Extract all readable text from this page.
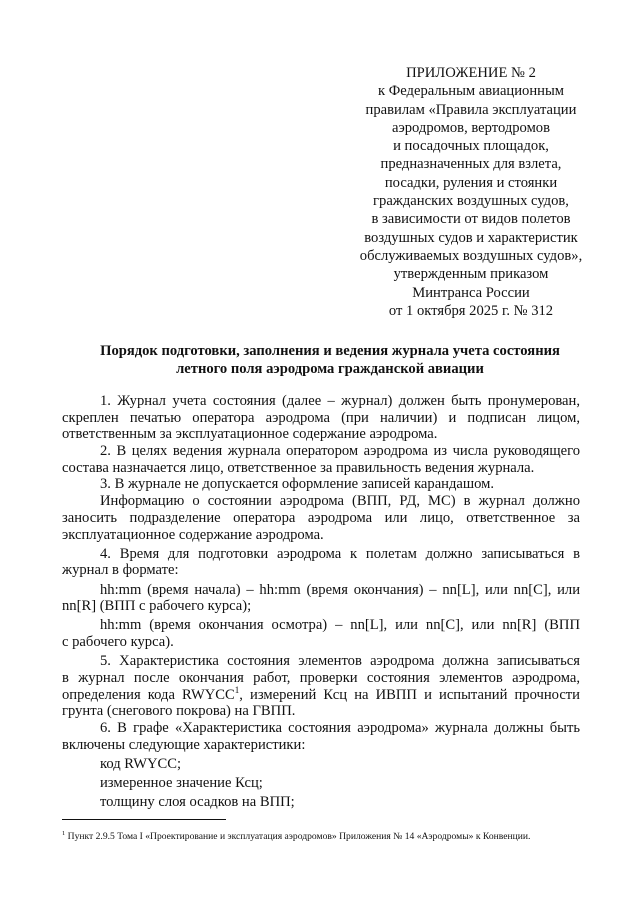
ПРИЛОЖЕНИЕ № 2
к Федеральным авиационным
правилам «Правила эксплуатации
аэродромов, вертодромов
и посадочных площадок,
предназначенных для взлета,
посадки, руления и стоянки
гражданских воздушных судов,
в зависимости от видов полетов
воздушных судов и характеристик
обслуживаемых воздушных судов»,
утвержденным приказом
Минтранса России
от 1 октября 2025 г. № 312
Порядок подготовки, заполнения и ведения журнала учета состояния
летного поля аэродрома гражданской авиации
1. Журнал учета состояния (далее – журнал) должен быть пронумерован,
скреплен печатью оператора аэродрома (при наличии) и подписан лицом,
ответственным за эксплуатационное содержание аэродрома.
2. В целях ведения журнала оператором аэродрома из числа руководящего
состава назначается лицо, ответственное за правильность ведения журнала.
3. В журнале не допускается оформление записей карандашом.
Информацию о состоянии аэродрома (ВПП, РД, МС) в журнал должно
заносить подразделение оператора аэродрома или лицо, ответственное за
эксплуатационное содержание аэродрома.
4. Время для подготовки аэродрома к полетам должно записываться в
журнал в формате:
hh:mm (время начала) – hh:mm (время окончания) – nn[L], или nn[C], или
nn[R] (ВПП с рабочего курса);
hh:mm (время окончания осмотра) – nn[L], или nn[C], или nn[R] (ВПП
с рабочего курса).
5. Характеристика состояния элементов аэродрома должна записываться
в журнал после окончания работ, проверки состояния элементов аэродрома,
определения кода RWYCC$^1$, измерений Ксц на ИВПП и испытаний прочности
грунта (снегового покрова) на ГВПП.
6. В графе «Характеристика состояния аэродрома» журнала должны быть
включены следующие характеристики:
код RWYCC;
измеренное значение Ксц;
толщину слоя осадков на ВПП;
$^1$ Пункт 2.9.5 Тома I «Проектирование и эксплуатация аэродромов» Приложения № 14 «Аэродромы» к Конвенции.
